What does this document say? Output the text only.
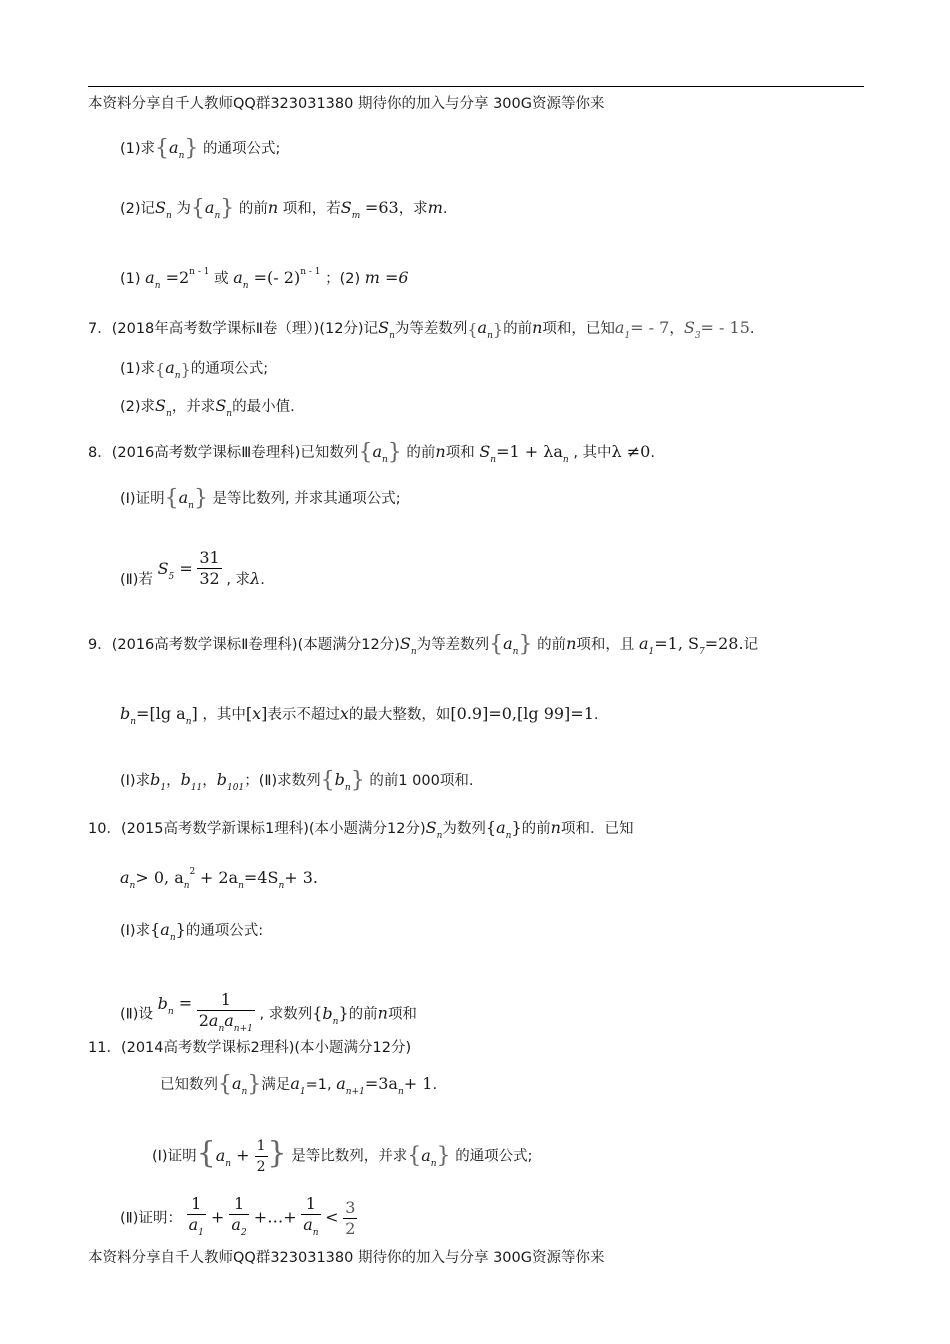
本资料分享自千人教师QQ群323031380 期待你的加入与分享 300G资源等你来
(1)求$\{a_n\}$ 的通项公式;
(2)记$S_n$ 为$\{a_n\}$ 的前n 项和，若$S_m =63$，求m.
(1) $a_n =2^{n - 1}$ 或 $a_n$ =(- 2)$^{n - 1}$ ；(2) m =6
7．(2018年高考数学课标Ⅱ卷（理）)(12分)记$S_n$为等差数列$\{a_n\}$的前n项和，已知$a_1= - 7$，$S_3= - 15$.
(1)求$\{a_n\}$的通项公式;
(2)求$S_n$，并求$S_n$的最小值.
8．(2016高考数学课标Ⅲ卷理科)已知数列$\{a_n\}$ 的前n项和 $S_n=1 + \lambda a_n$ , 其中λ ≠0.
(Ⅰ)证明$\{a_n\}$ 是等比数列, 并求其通项公式;
(Ⅱ)若 $S_5 = \frac{31}{32}$ , 求λ.
9．(2016高考数学课标Ⅱ卷理科)(本题满分12分)$S_n$为等差数列$\{a_n\}$ 的前n项和，且 $a_1=1$, $S_7=28$.记
$b_n=[\lg$ $a_n$] ，其中[x]表示不超过x的最大整数，如[0.9]=0,[lg 99]=1.
(Ⅰ)求$b_1$，$b_{11}$，$b_{101}$；(Ⅱ)求数列$\{b_n\}$ 的前1 000项和.
10．(2015高考数学新课标1理科)(本小题满分12分)$S_n$为数列$\{a_n\}$的前n项和．已知
$a_n> 0$, $a_n^2 + 2a_n=4S_n+ 3$.
(Ⅰ)求$\{a_n\}$的通项公式:
(Ⅱ)设 $b_n = \frac{1}{2a_na_{n+1}}$ , 求数列$\{b_n\}$的前n项和
11．(2014高考数学课标2理科)(本小题满分12分)
已知数列$\{a_n\}$满足$a_1=1$, $a_{n+1}=3a_n+ 1$.
(Ⅰ)证明{$a_n + \frac{1}{2}$ } 是等比数列，并求$\{a_n\}$ 的通项公式;
(Ⅱ)证明： $\frac{1}{a_1} + \frac{1}{a_2}$ +…+ $\frac{1}{a_n} < \frac{3}{2}$
本资料分享自千人教师QQ群323031380 期待你的加入与分享 300G资源等你来
